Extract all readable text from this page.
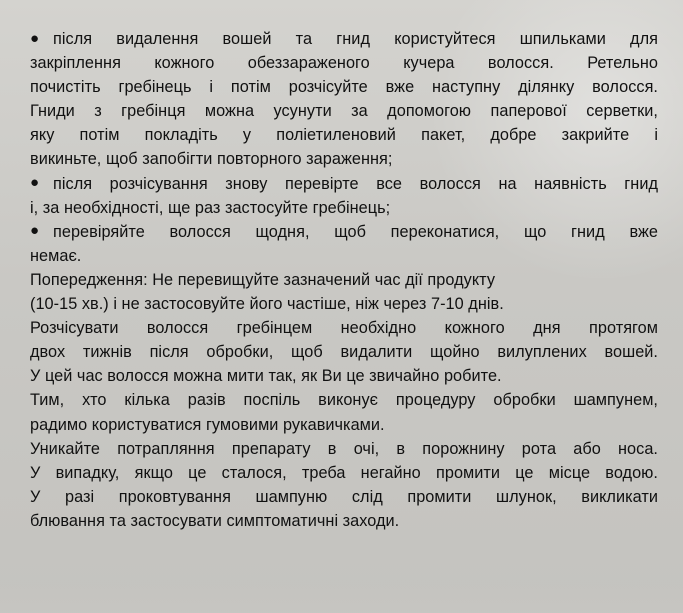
● після видалення вошей та гнид користуйтеся шпильками для
закріплення кожного обеззараженого кучера волосся. Ретельно
почистіть гребінець і потім розчісуйте вже наступну ділянку волосся.
Гниди з гребінця можна усунути за допомогою паперової серветки,
яку потім покладіть у поліетиленовий пакет, добре закрийте і
викиньте, щоб запобігти повторного зараження;
● після розчісування знову перевірте все волосся на наявність гнид
і, за необхідності, ще раз застосуйте гребінець;
● перевіряйте волосся щодня, щоб переконатися, що гнид вже
немає.
Попередження: Не перевищуйте зазначений час дії продукту
(10-15 хв.) і не застосовуйте його частіше, ніж через 7-10 днів.
Розчісувати волосся гребінцем необхідно кожного дня протягом
двох тижнів після обробки, щоб видалити щойно вилуплених вошей.
У цей час волосся можна мити так, як Ви це звичайно робите.
Тим, хто кілька разів поспіль виконує процедуру обробки шампунем,
радимо користуватися гумовими рукавичками.
Уникайте потрапляння препарату в очі, в порожнину рота або носа.
У випадку, якщо це сталося, треба негайно промити це місце водою.
У разі проковтування шампуню слід промити шлунок, викликати
блювання та застосувати симптоматичні заходи.
